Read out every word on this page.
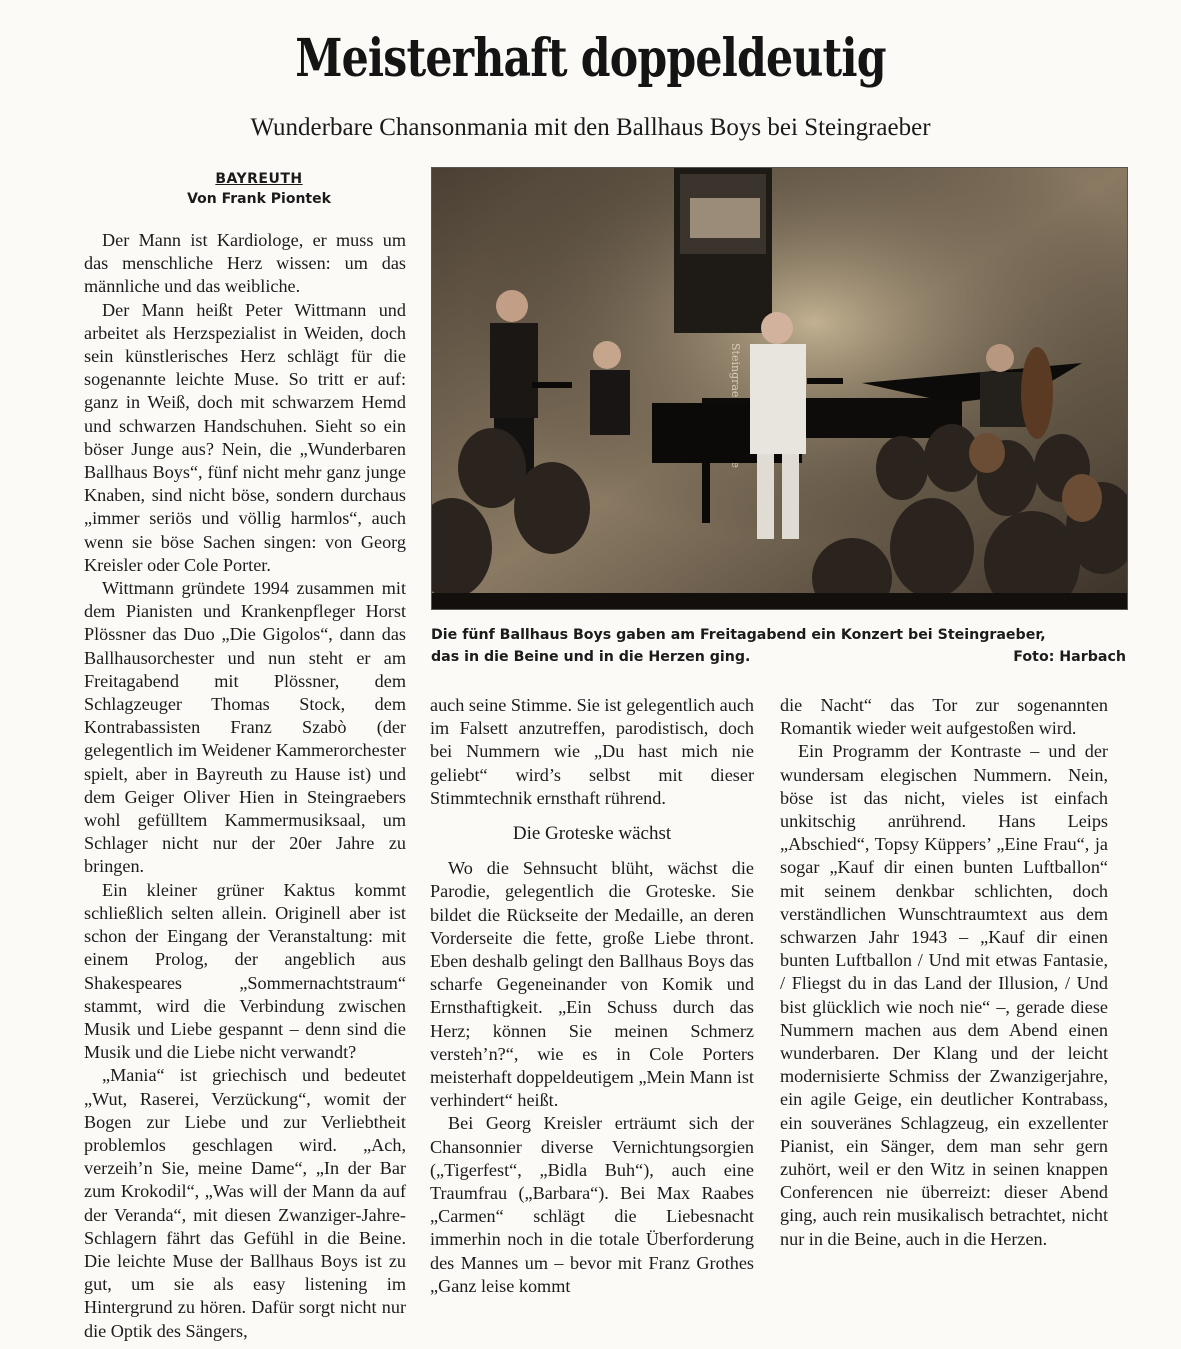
Meisterhaft doppeldeutig
Wunderbare Chansonmania mit den Ballhaus Boys bei Steingraeber
BAYREUTH
Von Frank Piontek
Die fünf Ballhaus Boys gaben am Freitagabend ein Konzert bei Steingraeber,
das in die Beine und in die Herzen ging.	Foto: Harbach

Der Mann ist Kardiologe, er muss um das menschliche Herz wissen: um das männliche und das weibliche.

Der Mann heißt Peter Wittmann und arbeitet als Herzspezialist in Weiden, doch sein künstlerisches Herz schlägt für die sogenannte leichte Muse. So tritt er auf: ganz in Weiß, doch mit schwarzem Hemd und schwarzen Handschuhen. Sieht so ein böser Junge aus? Nein, die „Wunderbaren Ballhaus Boys“, fünf nicht mehr ganz junge Knaben, sind nicht böse, sondern durchaus „immer seriös und völlig harmlos“, auch wenn sie böse Sachen singen: von Georg Kreisler oder Cole Porter.

Wittmann gründete 1994 zusammen mit dem Pianisten und Krankenpfleger Horst Plössner das Duo „Die Gigolos“, dann das Ballhausorchester und nun steht er am Freitagabend mit Plössner, dem Schlagzeuger Thomas Stock, dem Kontrabassisten Franz Szabò (der gelegentlich im Weidener Kammerorchester spielt, aber in Bayreuth zu Hause ist) und dem Geiger Oliver Hien in Steingraebers wohl gefülltem Kammermusiksaal, um Schlager nicht nur der 20er Jahre zu bringen.

Ein kleiner grüner Kaktus kommt schließlich selten allein. Originell aber ist schon der Eingang der Veranstaltung: mit einem Prolog, der angeblich aus Shakespeares „Sommernachtstraum“ stammt, wird die Verbindung zwischen Musik und Liebe gespannt – denn sind die Musik und die Liebe nicht verwandt?

„Mania“ ist griechisch und bedeutet „Wut, Raserei, Verzückung“, womit der Bogen zur Liebe und zur Verliebtheit problemlos geschlagen wird. „Ach, verzeih’n Sie, meine Dame“, „In der Bar zum Krokodil“, „Was will der Mann da auf der Veranda“, mit diesen Zwanziger-Jahre-Schlagern fährt das Gefühl in die Beine. Die leichte Muse der Ballhaus Boys ist zu gut, um sie als easy listening im Hintergrund zu hören. Dafür sorgt nicht nur die Optik des Sängers,

auch seine Stimme. Sie ist gelegentlich auch im Falsett anzutreffen, parodistisch, doch bei Nummern wie „Du hast mich nie geliebt“ wird’s selbst mit dieser Stimmtechnik ernsthaft rührend.

Die Groteske wächst

Wo die Sehnsucht blüht, wächst die Parodie, gelegentlich die Groteske. Sie bildet die Rückseite der Medaille, an deren Vorderseite die fette, große Liebe thront. Eben deshalb gelingt den Ballhaus Boys das scharfe Gegeneinander von Komik und Ernsthaftigkeit. „Ein Schuss durch das Herz; können Sie meinen Schmerz versteh’n?“, wie es in Cole Porters meisterhaft doppeldeutigem „Mein Mann ist verhindert“ heißt.

Bei Georg Kreisler erträumt sich der Chansonnier diverse Vernichtungsorgien („Tigerfest“, „Bidla Buh“), auch eine Traumfrau („Barbara“). Bei Max Raabes „Carmen“ schlägt die Liebesnacht immerhin noch in die totale Überforderung des Mannes um – bevor mit Franz Grothes „Ganz leise kommt

die Nacht“ das Tor zur sogenannten Romantik wieder weit aufgestoßen wird.

Ein Programm der Kontraste – und der wundersam elegischen Nummern. Nein, böse ist das nicht, vieles ist einfach unkitschig anrührend. Hans Leips „Abschied“, Topsy Küppers’ „Eine Frau“, ja sogar „Kauf dir einen bunten Luftballon“ mit seinem denkbar schlichten, doch verständlichen Wunschtraumtext aus dem schwarzen Jahr 1943 – „Kauf dir einen bunten Luftballon / Und mit etwas Fantasie, / Fliegst du in das Land der Illusion, / Und bist glücklich wie noch nie“ –, gerade diese Nummern machen aus dem Abend einen wunderbaren. Der Klang und der leicht modernisierte Schmiss der Zwanzigerjahre, ein agile Geige, ein deutlicher Kontrabass, ein souveränes Schlagzeug, ein exzellenter Pianist, ein Sänger, dem man sehr gern zuhört, weil er den Witz in seinen knappen Conferencen nie überreizt: dieser Abend ging, auch rein musikalisch betrachtet, nicht nur in die Beine, auch in die Herzen.
